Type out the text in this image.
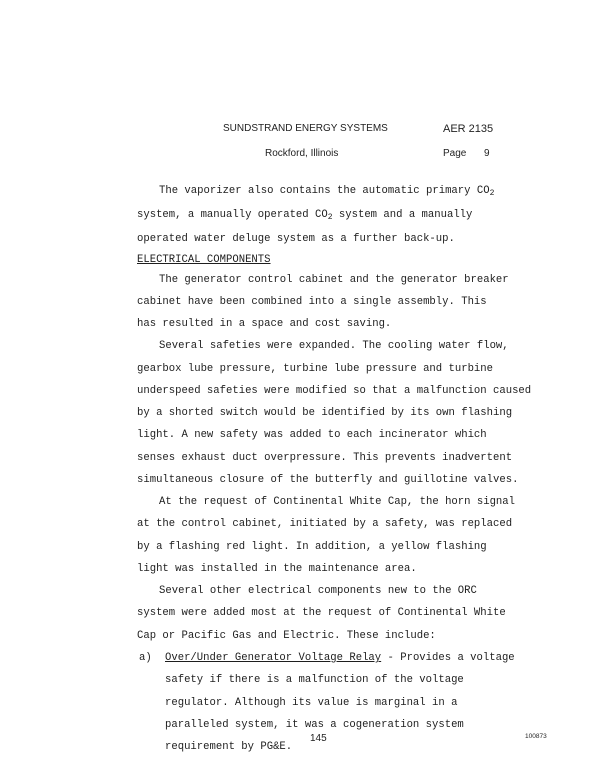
SUNDSTRAND ENERGY SYSTEMS
Rockford, Illinois
AER 2135
Page 9
The vaporizer also contains the automatic primary $CO_2$
system, a manually operated $CO_2$ system and a manually
operated water deluge system as a further back-up.
ELECTRICAL COMPONENTS
The generator control cabinet and the generator breaker
cabinet have been combined into a single assembly. This
has resulted in a space and cost saving.
Several safeties were expanded. The cooling water flow,
gearbox lube pressure, turbine lube pressure and turbine
underspeed safeties were modified so that a malfunction caused
by a shorted switch would be identified by its own flashing
light. A new safety was added to each incinerator which
senses exhaust duct overpressure. This prevents inadvertent
simultaneous closure of the butterfly and guillotine valves.
At the request of Continental White Cap, the horn signal
at the control cabinet, initiated by a safety, was replaced
by a flashing red light. In addition, a yellow flashing
light was installed in the maintenance area.
Several other electrical components new to the ORC
system were added most at the request of Continental White
Cap or Pacific Gas and Electric. These include:
a) Over/Under Generator Voltage Relay - Provides a voltage
safety if there is a malfunction of the voltage
regulator. Although its value is marginal in a
paralleled system, it was a cogeneration system
requirement by PG&E.
145	100873
